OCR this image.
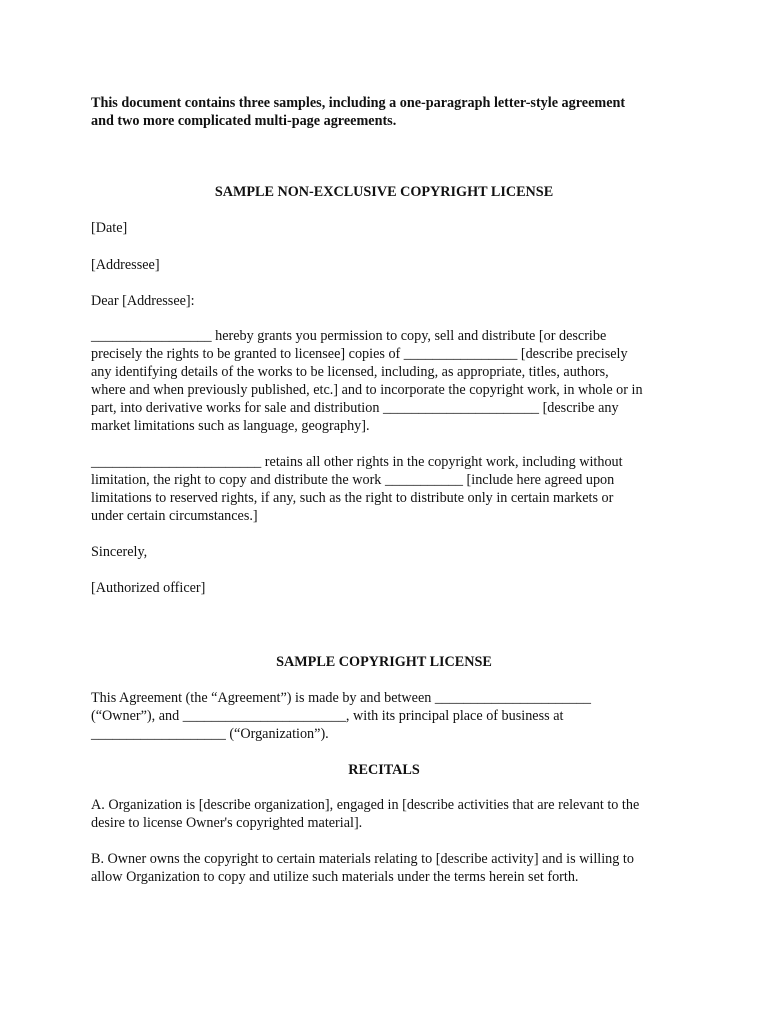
This document contains three samples, including a one-paragraph letter-style agreement
and two more complicated multi-page agreements.

SAMPLE NON-EXCLUSIVE COPYRIGHT LICENSE

[Date]

[Addressee]

Dear [Addressee]:

_________________ hereby grants you permission to copy, sell and distribute [or describe
precisely the rights to be granted to licensee] copies of ________________ [describe precisely
any identifying details of the works to be licensed, including, as appropriate, titles, authors,
where and when previously published, etc.] and to incorporate the copyright work, in whole or in
part, into derivative works for sale and distribution ______________________ [describe any
market limitations such as language, geography].

________________________ retains all other rights in the copyright work, including without
limitation, the right to copy and distribute the work ___________ [include here agreed upon
limitations to reserved rights, if any, such as the right to distribute only in certain markets or
under certain circumstances.]

Sincerely,

[Authorized officer]

SAMPLE COPYRIGHT LICENSE

This Agreement (the “Agreement”) is made by and between ______________________
(“Owner”), and _______________________, with its principal place of business at
___________________ (“Organization”).

RECITALS

A. Organization is [describe organization], engaged in [describe activities that are relevant to the
desire to license Owner's copyrighted material].

B. Owner owns the copyright to certain materials relating to [describe activity] and is willing to
allow Organization to copy and utilize such materials under the terms herein set forth.
